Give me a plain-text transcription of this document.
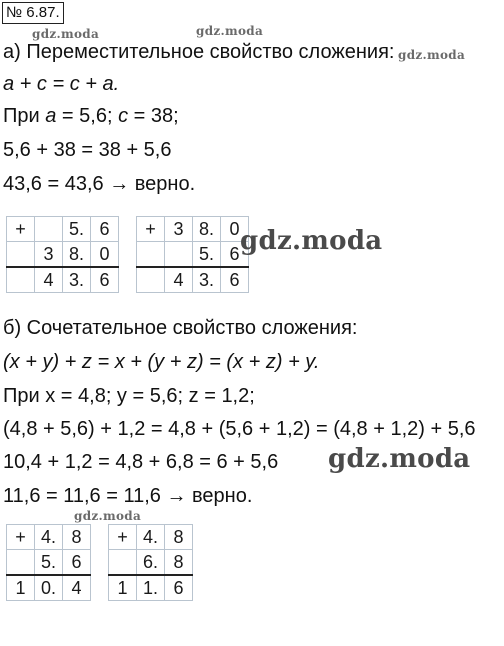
№ 6.87.
gdz.moda	gdz.moda
а) Переместительное свойство сложения: gdz.moda
a + c = c + a.
При a = 5,6; c = 38;
5,6 + 38 = 38 + 5,6
43,6 = 43,6 → верно.
+		5.	6
	3	8.	0
	4	3.	6
+	3	8.	0
		5.	6
	4	3.	6
gdz.moda
б) Сочетательное свойство сложения:
(x + y) + z = x + (y + z) = (x + z) + y.
При x = 4,8; y = 5,6; z = 1,2;
(4,8 + 5,6) + 1,2 = 4,8 + (5,6 + 1,2) = (4,8 + 1,2) + 5,6
10,4 + 1,2 = 4,8 + 6,8 = 6 + 5,6 gdz.moda
11,6 = 11,6 = 11,6 → верно.
gdz.moda
+	4.	8
	5.	6
1	0.	4
+	4.	8
	6.	8
1	1.	6
